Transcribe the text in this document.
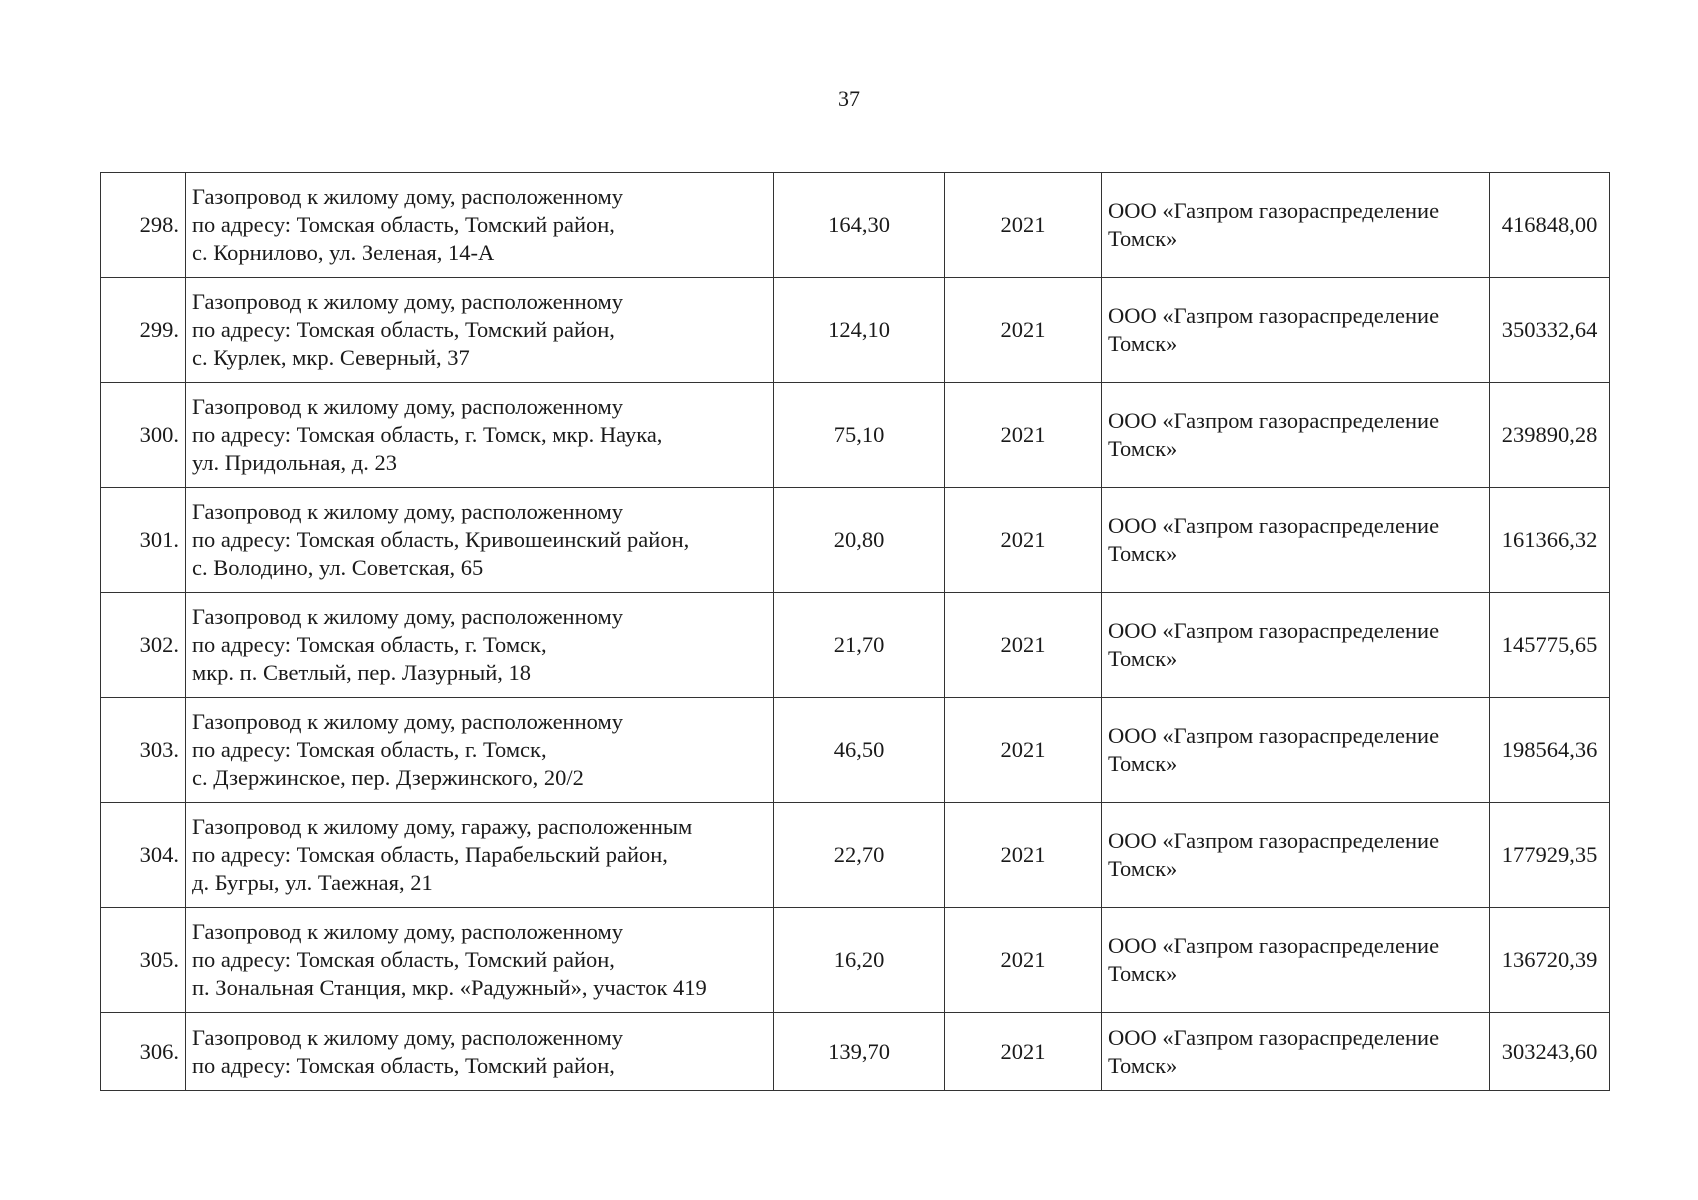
37
298.	Газопровод к жилому дому, расположенному
по адресу: Томская область, Томский район,
с. Корнилово, ул. Зеленая, 14-А	164,30	2021	ООО «Газпром газораспределение
Томск»	416848,00
299.	Газопровод к жилому дому, расположенному
по адресу: Томская область, Томский район,
с. Курлек, мкр. Северный, 37	124,10	2021	ООО «Газпром газораспределение
Томск»	350332,64
300.	Газопровод к жилому дому, расположенному
по адресу: Томская область, г. Томск, мкр. Наука,
ул. Придольная, д. 23	75,10	2021	ООО «Газпром газораспределение
Томск»	239890,28
301.	Газопровод к жилому дому, расположенному
по адресу: Томская область, Кривошеинский район,
с. Володино, ул. Советская, 65	20,80	2021	ООО «Газпром газораспределение
Томск»	161366,32
302.	Газопровод к жилому дому, расположенному
по адресу: Томская область, г. Томск,
мкр. п. Светлый, пер. Лазурный, 18	21,70	2021	ООО «Газпром газораспределение
Томск»	145775,65
303.	Газопровод к жилому дому, расположенному
по адресу: Томская область, г. Томск,
с. Дзержинское, пер. Дзержинского, 20/2	46,50	2021	ООО «Газпром газораспределение
Томск»	198564,36
304.	Газопровод к жилому дому, гаражу, расположенным
по адресу: Томская область, Парабельский район,
д. Бугры, ул. Таежная, 21	22,70	2021	ООО «Газпром газораспределение
Томск»	177929,35
305.	Газопровод к жилому дому, расположенному
по адресу: Томская область, Томский район,
п. Зональная Станция, мкр. «Радужный», участок 419	16,20	2021	ООО «Газпром газораспределение
Томск»	136720,39
306.	Газопровод к жилому дому, расположенному
по адресу: Томская область, Томский район,	139,70	2021	ООО «Газпром газораспределение
Томск»	303243,60
